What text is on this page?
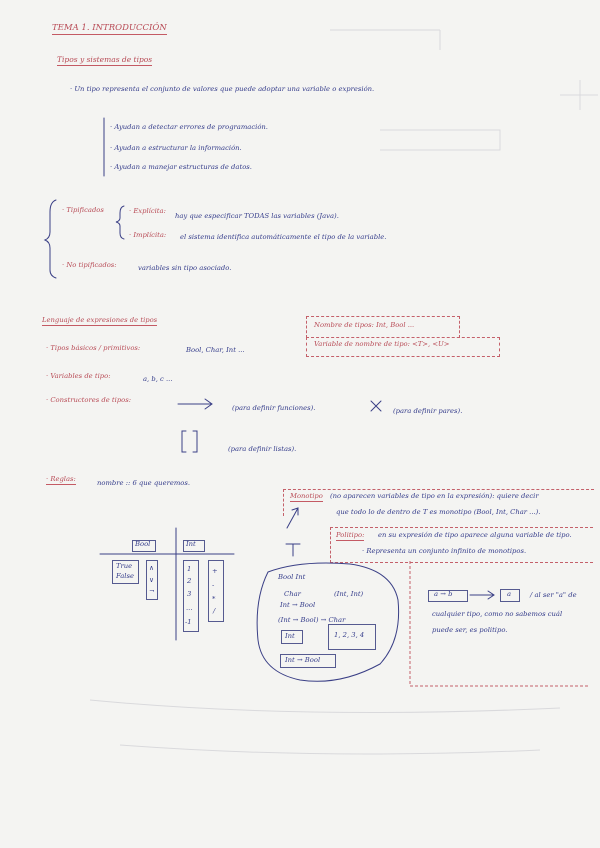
TEMA 1. INTRODUCCIÓN
Tipos y sistemas de tipos
· Un tipo representa el conjunto de valores que puede adoptar una variable o expresión.
· Ayudan a detectar errores de programación.
· Ayudan a estructurar la información.
· Ayudan a manejar estructuras de datos.
· Tipificados	· Explícita:
hay que especificar TODAS las variables (Java).
· Implícita: el sistema identifica automáticamente el tipo de la variable.
· No tipificados:	variables sin tipo asociado.
Lenguaje de expresiones de tipos
· Tipos básicos / primitivos:	Bool, Char, Int ...
· Variables de tipo:	a, b, c ...
· Constructores de tipos:
(para definir funciones).	(para definir pares).
(para definir listas).
Nombre de tipos: Int, Bool ...
Variable de nombre de tipo: <T>, <U>
· Reglas:	nombre :: 6 que queremos.
Monotipo (no aparecen variables de tipo en la expresión): quiere decir
que todo lo de dentro de T es monotipo (Bool, Int, Char ...).
Politipo: en su expresión de tipo aparece alguna variable de tipo.
· Representa un conjunto infinito de monotipos.
Bool	Int
True
False
∧
∨
¬
1
2
3
...
-1
+
-
*
/
Bool Int
Char	(Int, Int)
Int → Bool
(Int → Bool) → Char
Int	1, 2, 3, 4
Int → Bool
a → b	a	/ al ser "a" de
cualquier tipo, como no sabemos cuál
puede ser, es politipo.
